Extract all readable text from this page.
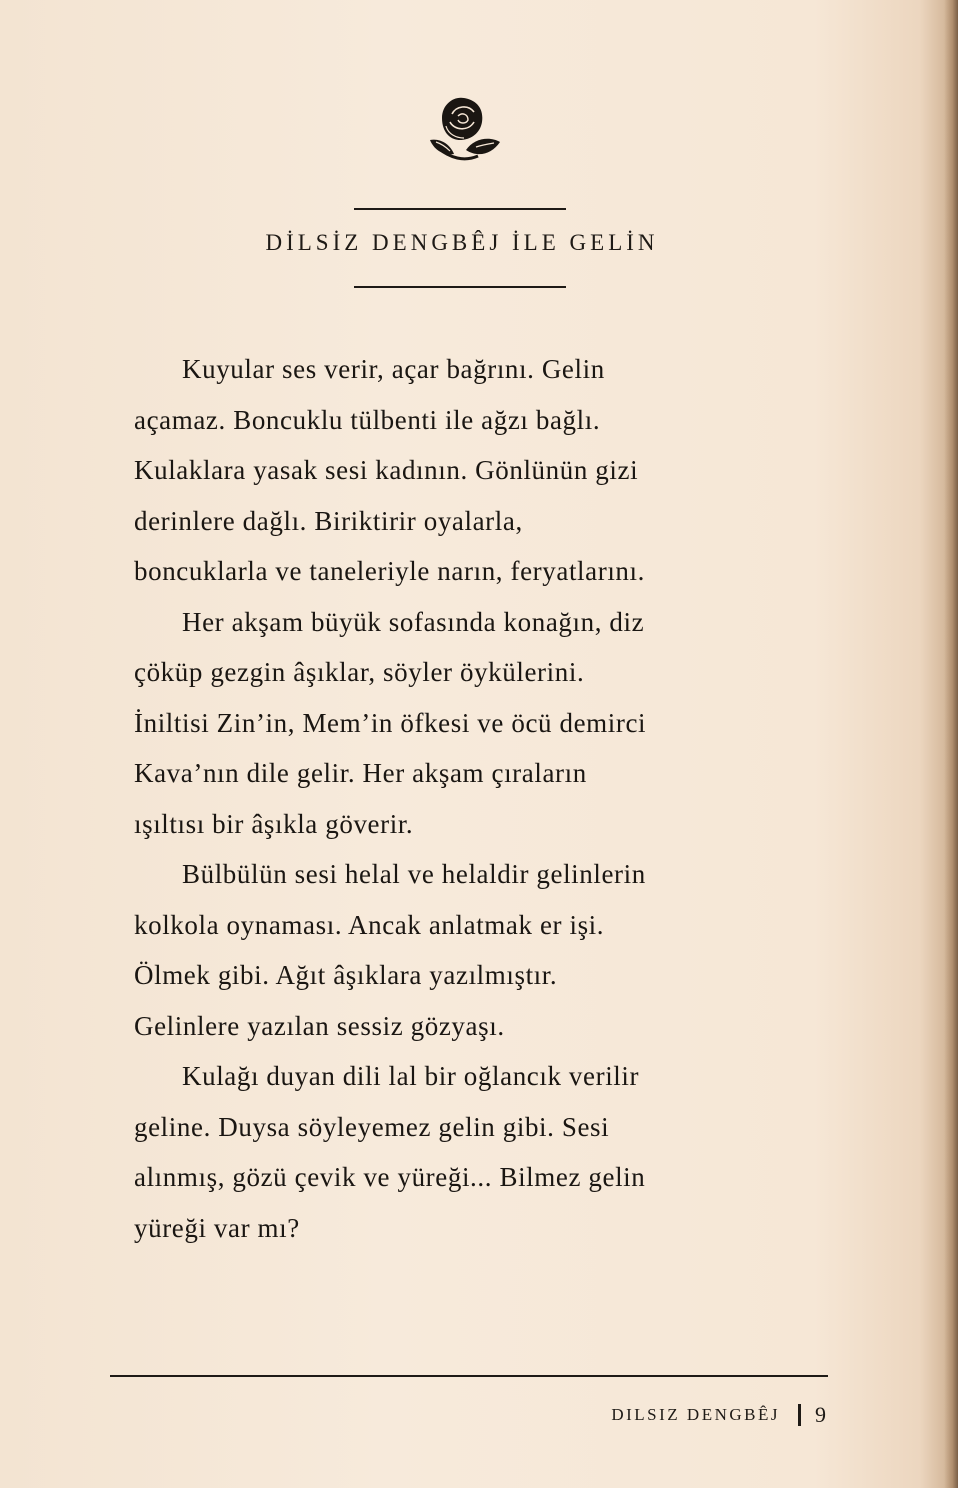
DİLSİZ DENGBÊJ İLE GELİN

Kuyular ses verir, açar bağrını. Gelin
açamaz. Boncuklu tülbenti ile ağzı bağlı.
Kulaklara yasak sesi kadının. Gönlünün gizi
derinlere dağlı. Biriktirir oyalarla,
boncuklarla ve taneleriyle narın, feryatlarını.

Her akşam büyük sofasında konağın, diz
çöküp gezgin âşıklar, söyler öykülerini.
İniltisi Zin’in, Mem’in öfkesi ve öcü demirci
Kava’nın dile gelir. Her akşam çıraların
ışıltısı bir âşıkla göverir.

Bülbülün sesi helal ve helaldir gelinlerin
kolkola oynaması. Ancak anlatmak er işi.
Ölmek gibi. Ağıt âşıklara yazılmıştır.
Gelinlere yazılan sessiz gözyaşı.

Kulağı duyan dili lal bir oğlancık verilir
geline. Duysa söyleyemez gelin gibi. Sesi
alınmış, gözü çevik ve yüreği... Bilmez gelin
yüreği var mı?

DILSIZ DENGBÊJ 9
